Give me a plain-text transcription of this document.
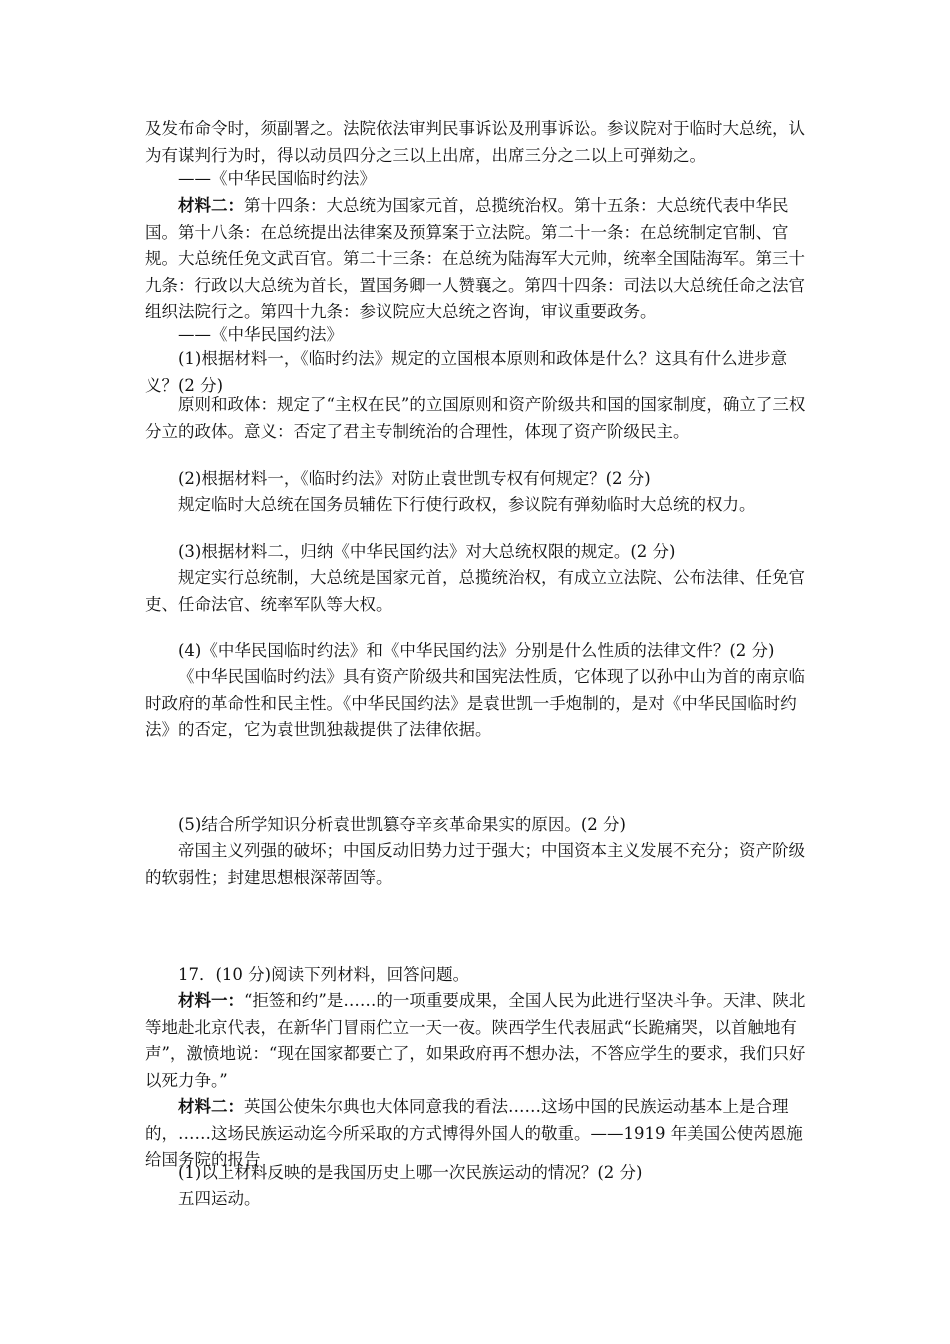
及发布命令时，须副署之。法院依法审判民事诉讼及刑事诉讼。参议院对于临时大总统，认为有谋判行为时，得以动员四分之三以上出席，出席三分之二以上可弹劾之。

——《中华民国临时约法》

材料二：第十四条：大总统为国家元首，总揽统治权。第十五条：大总统代表中华民国。第十八条：在总统提出法律案及预算案于立法院。第二十一条：在总统制定官制、官规。大总统任免文武百官。第二十三条：在总统为陆海军大元帅，统率全国陆海军。第三十九条：行政以大总统为首长，置国务卿一人赞襄之。第四十四条：司法以大总统任命之法官组织法院行之。第四十九条：参议院应大总统之咨询，审议重要政务。

——《中华民国约法》

(1)根据材料一，《临时约法》规定的立国根本原则和政体是什么？这具有什么进步意义？(2 分)

原则和政体：规定了“主权在民”的立国原则和资产阶级共和国的国家制度，确立了三权分立的政体。意义：否定了君主专制统治的合理性，体现了资产阶级民主。

(2)根据材料一，《临时约法》对防止袁世凯专权有何规定？(2 分)

规定临时大总统在国务员辅佐下行使行政权，参议院有弹劾临时大总统的权力。

(3)根据材料二，归纳《中华民国约法》对大总统权限的规定。(2 分)

规定实行总统制，大总统是国家元首，总揽统治权，有成立立法院、公布法律、任免官吏、任命法官、统率军队等大权。

(4)《中华民国临时约法》和《中华民国约法》分别是什么性质的法律文件？(2 分)

《中华民国临时约法》具有资产阶级共和国宪法性质，它体现了以孙中山为首的南京临时政府的革命性和民主性。《中华民国约法》是袁世凯一手炮制的，是对《中华民国临时约法》的否定，它为袁世凯独裁提供了法律依据。

(5)结合所学知识分析袁世凯篡夺辛亥革命果实的原因。(2 分)

帝国主义列强的破坏；中国反动旧势力过于强大；中国资本主义发展不充分；资产阶级的软弱性；封建思想根深蒂固等。

17．(10 分)阅读下列材料，回答问题。

材料一：“拒签和约”是……的一项重要成果，全国人民为此进行坚决斗争。天津、陕北等地赴北京代表，在新华门冒雨伫立一天一夜。陕西学生代表屈武“长跪痛哭，以首触地有声”，激愤地说：“现在国家都要亡了，如果政府再不想办法，不答应学生的要求，我们只好以死力争。”

材料二：英国公使朱尔典也大体同意我的看法……这场中国的民族运动基本上是合理的，……这场民族运动迄今所采取的方式博得外国人的敬重。——1919 年美国公使芮恩施给国务院的报告

(1)以上材料反映的是我国历史上哪一次民族运动的情况？(2 分)

五四运动。
